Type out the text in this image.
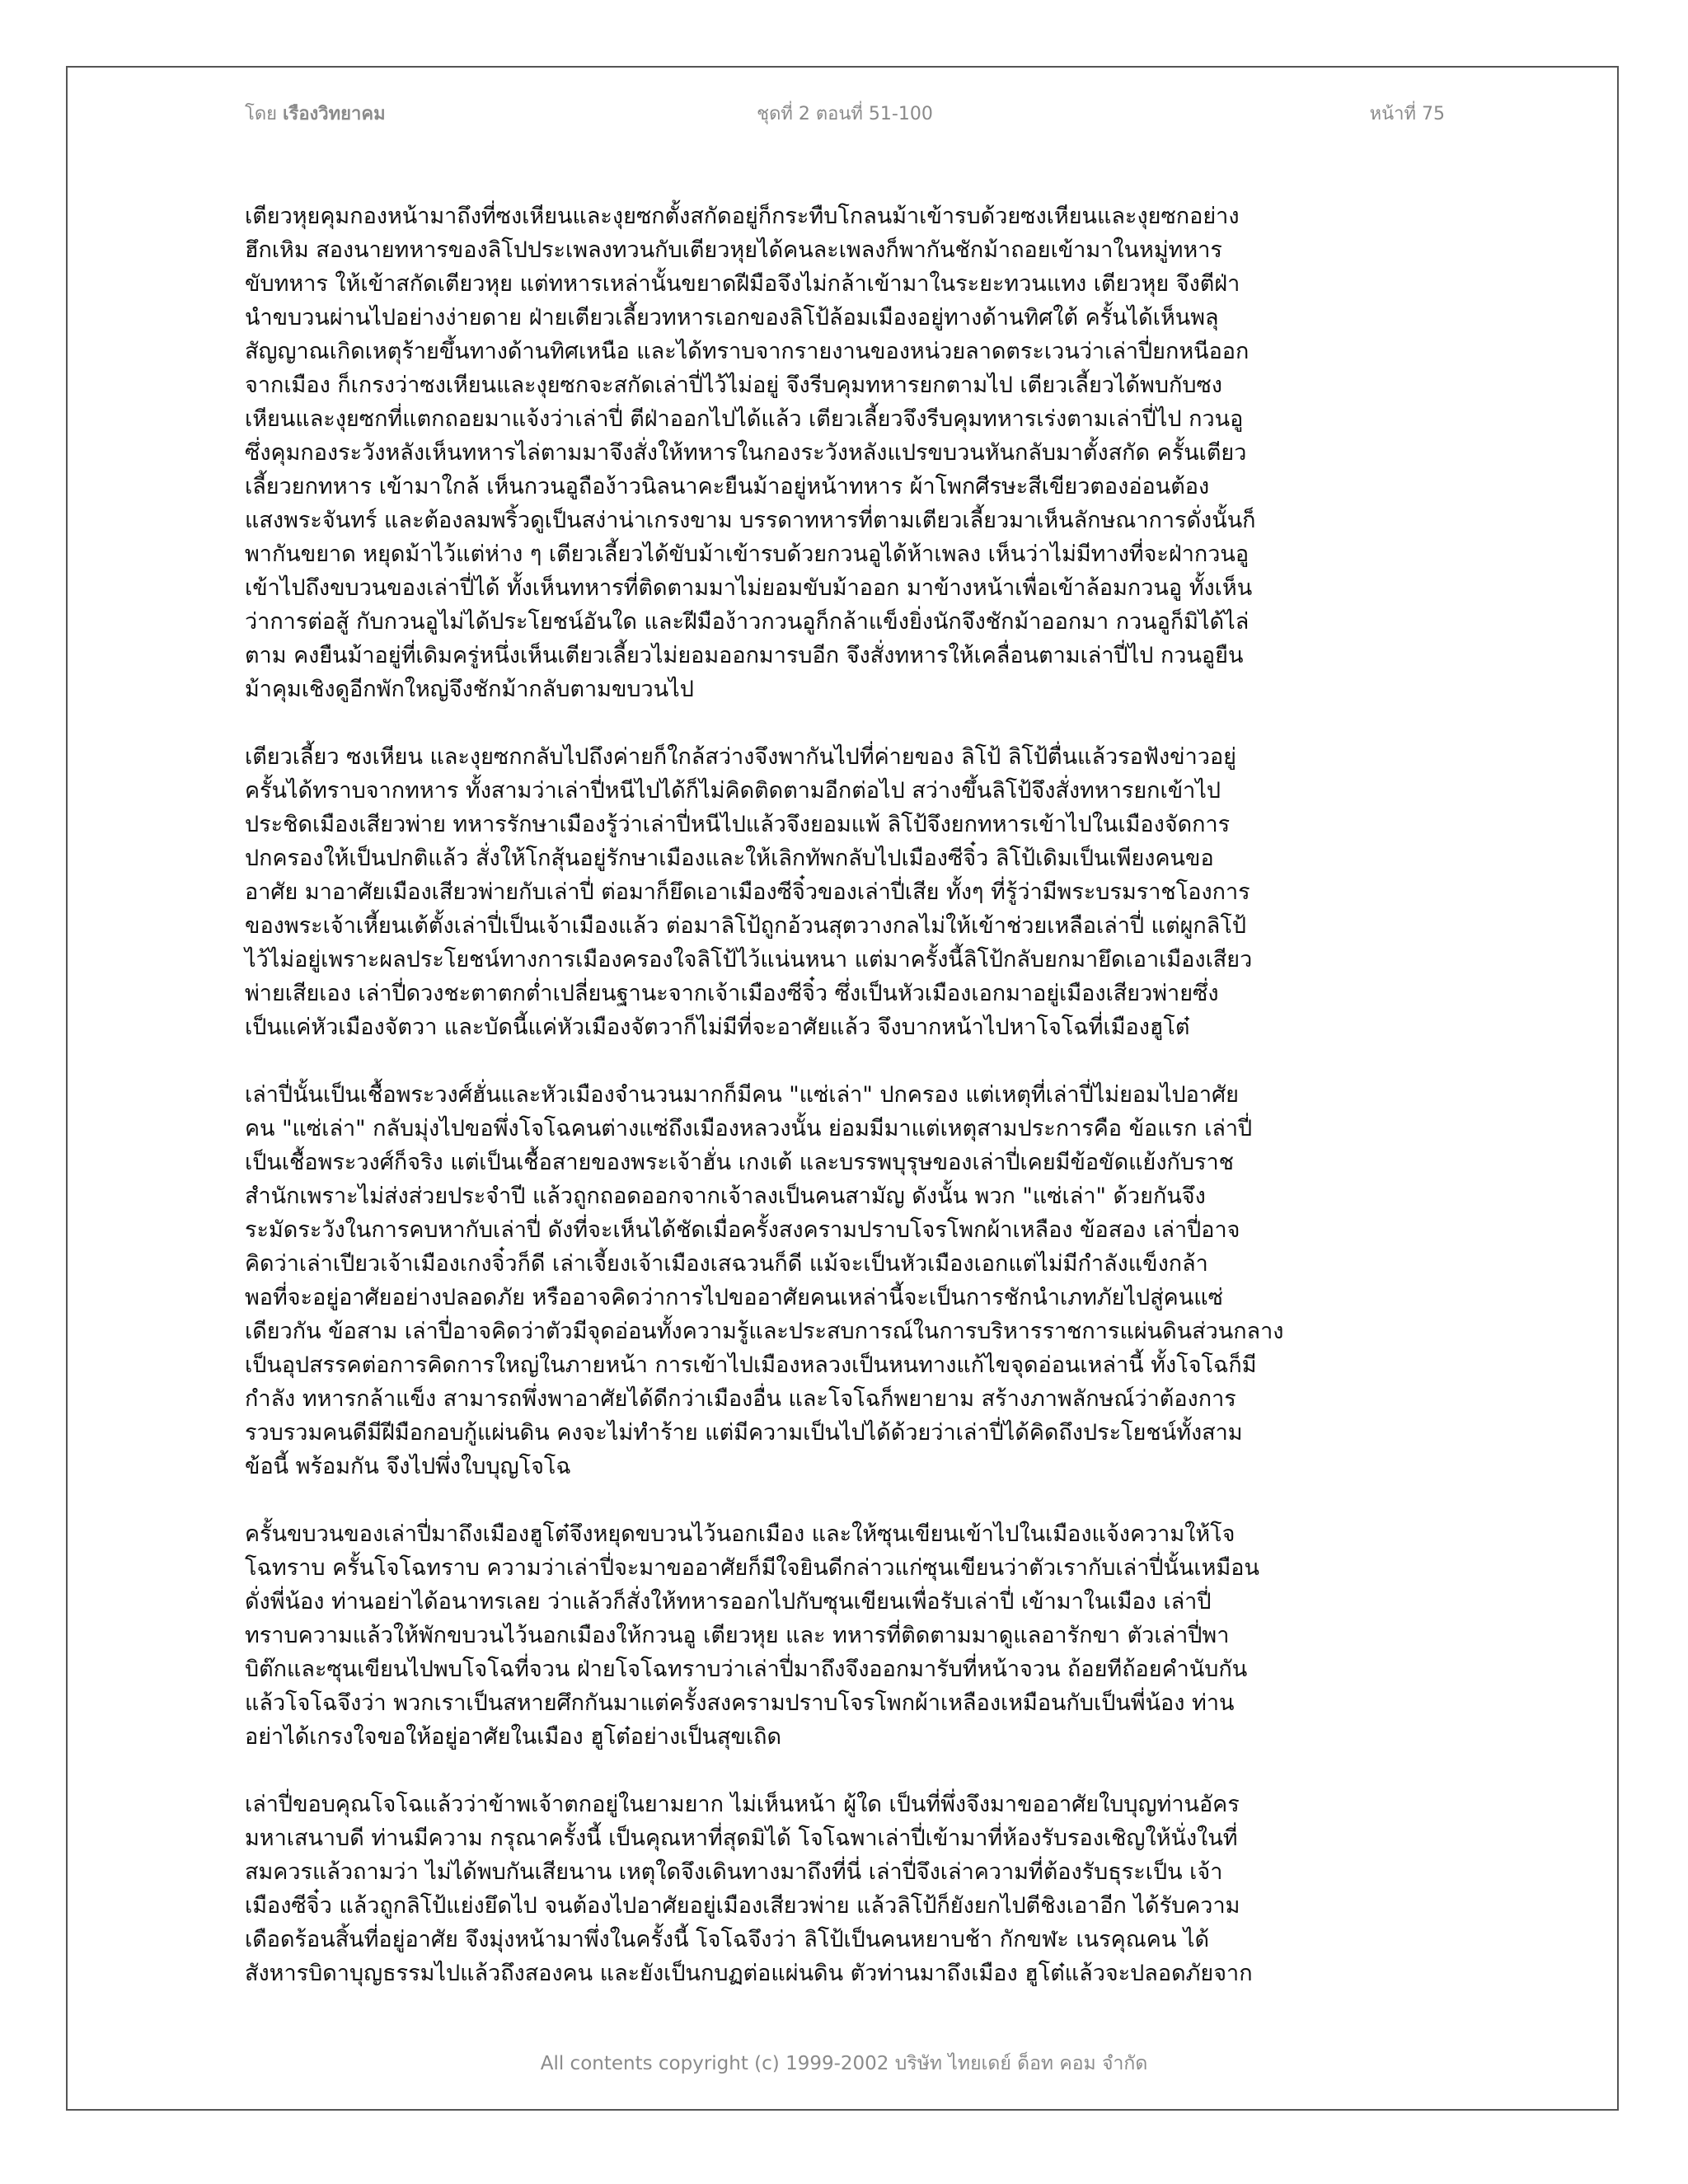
โดย เรืองวิทยาคม	ชุดที่ 2 ตอนที่ 51-100	หน้าที่ 75

เตียวหุยคุมกองหน้ามาถึงที่ซงเหียนและงุยซกตั้งสกัดอยู่ก็กระทืบโกลนม้าเข้ารบด้วยซงเหียนและงุยซกอย่าง
ฮึกเหิม สองนายทหารของลิโปประเพลงทวนกับเตียวหุยได้คนละเพลงก็พากันชักม้าถอยเข้ามาในหมู่ทหาร
ขับทหาร ให้เข้าสกัดเตียวหุย แต่ทหารเหล่านั้นขยาดฝีมือจึงไม่กล้าเข้ามาในระยะทวนแทง เตียวหุย จึงตีฝ่า
นำขบวนผ่านไปอย่างง่ายดาย ฝ่ายเตียวเลี้ยวทหารเอกของลิโป้ล้อมเมืองอยู่ทางด้านทิศใต้ ครั้นได้เห็นพลุ
สัญญาณเกิดเหตุร้ายขึ้นทางด้านทิศเหนือ และได้ทราบจากรายงานของหน่วยลาดตระเวนว่าเล่าปี่ยกหนีออก
จากเมือง ก็เกรงว่าซงเหียนและงุยซกจะสกัดเล่าปี่ไว้ไม่อยู่ จึงรีบคุมทหารยกตามไป เตียวเลี้ยวได้พบกับซง
เหียนและงุยซกที่แตกถอยมาแจ้งว่าเล่าปี่ ตีฝ่าออกไปได้แล้ว เตียวเลี้ยวจึงรีบคุมทหารเร่งตามเล่าปี่ไป กวนอู
ซึ่งคุมกองระวังหลังเห็นทหารไล่ตามมาจึงสั่งให้ทหารในกองระวังหลังแปรขบวนหันกลับมาตั้งสกัด ครั้นเตียว
เลี้ยวยกทหาร เข้ามาใกล้ เห็นกวนอูถือง้าวนิลนาคะยืนม้าอยู่หน้าทหาร ผ้าโพกศีรษะสีเขียวตองอ่อนต้อง
แสงพระจันทร์ และต้องลมพริ้วดูเป็นสง่าน่าเกรงขาม บรรดาทหารที่ตามเตียวเลี้ยวมาเห็นลักษณาการดั่งนั้นก็
พากันขยาด หยุดม้าไว้แต่ห่าง ๆ เตียวเลี้ยวได้ขับม้าเข้ารบด้วยกวนอูได้ห้าเพลง เห็นว่าไม่มีทางที่จะฝ่ากวนอู
เข้าไปถึงขบวนของเล่าปี่ได้ ทั้งเห็นทหารที่ติดตามมาไม่ยอมขับม้าออก มาข้างหน้าเพื่อเข้าล้อมกวนอู ทั้งเห็น
ว่าการต่อสู้ กับกวนอูไม่ได้ประโยชน์อันใด และฝีมือง้าวกวนอูก็กล้าแข็งยิ่งนักจึงชักม้าออกมา กวนอูก็มิได้ไล่
ตาม คงยืนม้าอยู่ที่เดิมครู่หนึ่งเห็นเตียวเลี้ยวไม่ยอมออกมารบอีก จึงสั่งทหารให้เคลื่อนตามเล่าปี่ไป กวนอูยืน
ม้าคุมเชิงดูอีกพักใหญ่จึงชักม้ากลับตามขบวนไป

เตียวเลี้ยว ซงเหียน และงุยซกกลับไปถึงค่ายก็ใกล้สว่างจึงพากันไปที่ค่ายของ ลิโป้ ลิโป้ตื่นแล้วรอฟังข่าวอยู่
ครั้นได้ทราบจากทหาร ทั้งสามว่าเล่าปี่หนีไปได้ก็ไม่คิดติดตามอีกต่อไป สว่างขึ้นลิโป้จึงสั่งทหารยกเข้าไป
ประชิดเมืองเสียวพ่าย ทหารรักษาเมืองรู้ว่าเล่าปี่หนีไปแล้วจึงยอมแพ้ ลิโป้จึงยกทหารเข้าไปในเมืองจัดการ
ปกครองให้เป็นปกติแล้ว สั่งให้โกสุ้นอยู่รักษาเมืองและให้เลิกทัพกลับไปเมืองซีจิ๋ว ลิโป้เดิมเป็นเพียงคนขอ
อาศัย มาอาศัยเมืองเสียวพ่ายกับเล่าปี่ ต่อมาก็ยึดเอาเมืองซีจิ๋วของเล่าปี่เสีย ทั้งๆ ที่รู้ว่ามีพระบรมราชโองการ
ของพระเจ้าเหี้ยนเต้ตั้งเล่าปี่เป็นเจ้าเมืองแล้ว ต่อมาลิโป้ถูกอ้วนสุตวางกลไม่ให้เข้าช่วยเหลือเล่าปี่ แต่ผูกลิโป้
ไว้ไม่อยู่เพราะผลประโยชน์ทางการเมืองครองใจลิโป้ไว้แน่นหนา แต่มาครั้งนี้ลิโป้กลับยกมายึดเอาเมืองเสียว
พ่ายเสียเอง เล่าปี่ดวงชะตาตกต่ำเปลี่ยนฐานะจากเจ้าเมืองซีจิ๋ว ซึ่งเป็นหัวเมืองเอกมาอยู่เมืองเสียวพ่ายซึ่ง
เป็นแค่หัวเมืองจัตวา และบัดนี้แค่หัวเมืองจัตวาก็ไม่มีที่จะอาศัยแล้ว จึงบากหน้าไปหาโจโฉที่เมืองฮูโต๋

เล่าปี่นั้นเป็นเชื้อพระวงศ์ฮั่นและหัวเมืองจำนวนมากก็มีคน "แซ่เล่า" ปกครอง แต่เหตุที่เล่าปี่ไม่ยอมไปอาศัย
คน "แซ่เล่า" กลับมุ่งไปขอพึ่งโจโฉคนต่างแซ่ถึงเมืองหลวงนั้น ย่อมมีมาแต่เหตุสามประการคือ ข้อแรก เล่าปี่
เป็นเชื้อพระวงศ์ก็จริง แต่เป็นเชื้อสายของพระเจ้าฮั่น เกงเต้ และบรรพบุรุษของเล่าปี่เคยมีข้อขัดแย้งกับราช
สำนักเพราะไม่ส่งส่วยประจำปี แล้วถูกถอดออกจากเจ้าลงเป็นคนสามัญ ดังนั้น พวก "แซ่เล่า" ด้วยกันจึง
ระมัดระวังในการคบหากับเล่าปี่ ดังที่จะเห็นได้ชัดเมื่อครั้งสงครามปราบโจรโพกผ้าเหลือง ข้อสอง เล่าปี่อาจ
คิดว่าเล่าเปียวเจ้าเมืองเกงจิ๋วก็ดี เล่าเจี้ยงเจ้าเมืองเสฉวนก็ดี แม้จะเป็นหัวเมืองเอกแต่ไม่มีกำลังแข็งกล้า
พอที่จะอยู่อาศัยอย่างปลอดภัย หรืออาจคิดว่าการไปขออาศัยคนเหล่านี้จะเป็นการชักนำเภทภัยไปสู่คนแซ่
เดียวกัน ข้อสาม เล่าปี่อาจคิดว่าตัวมีจุดอ่อนทั้งความรู้และประสบการณ์ในการบริหารราชการแผ่นดินส่วนกลาง
เป็นอุปสรรคต่อการคิดการใหญ่ในภายหน้า การเข้าไปเมืองหลวงเป็นหนทางแก้ไขจุดอ่อนเหล่านี้ ทั้งโจโฉก็มี
กำลัง ทหารกล้าแข็ง สามารถพึ่งพาอาศัยได้ดีกว่าเมืองอื่น และโจโฉก็พยายาม สร้างภาพลักษณ์ว่าต้องการ
รวบรวมคนดีมีฝีมือกอบกู้แผ่นดิน คงจะไม่ทำร้าย แต่มีความเป็นไปได้ด้วยว่าเล่าปี่ได้คิดถึงประโยชน์ทั้งสาม
ข้อนี้ พร้อมกัน จึงไปพึ่งใบบุญโจโฉ

ครั้นขบวนของเล่าปี่มาถึงเมืองฮูโต๋จึงหยุดขบวนไว้นอกเมือง และให้ซุนเขียนเข้าไปในเมืองแจ้งความให้โจ
โฉทราบ ครั้นโจโฉทราบ ความว่าเล่าปี่จะมาขออาศัยก็มีใจยินดีกล่าวแก่ซุนเขียนว่าตัวเรากับเล่าปี่นั้นเหมือน
ดั่งพี่น้อง ท่านอย่าได้อนาทรเลย ว่าแล้วก็สั่งให้ทหารออกไปกับซุนเขียนเพื่อรับเล่าปี่ เข้ามาในเมือง เล่าปี่
ทราบความแล้วให้พักขบวนไว้นอกเมืองให้กวนอู เตียวหุย และ ทหารที่ติดตามมาดูแลอารักขา ตัวเล่าปี่พา
บิต๊กและซุนเขียนไปพบโจโฉที่จวน ฝ่ายโจโฉทราบว่าเล่าปี่มาถึงจึงออกมารับที่หน้าจวน ถ้อยทีถ้อยคำนับกัน
แล้วโจโฉจึงว่า พวกเราเป็นสหายศึกกันมาแต่ครั้งสงครามปราบโจรโพกผ้าเหลืองเหมือนกับเป็นพี่น้อง ท่าน
อย่าได้เกรงใจขอให้อยู่อาศัยในเมือง ฮูโต๋อย่างเป็นสุขเถิด

เล่าปี่ขอบคุณโจโฉแล้วว่าข้าพเจ้าตกอยู่ในยามยาก ไม่เห็นหน้า ผู้ใด เป็นที่พึ่งจึงมาขออาศัยใบบุญท่านอัคร
มหาเสนาบดี ท่านมีความ กรุณาครั้งนี้ เป็นคุณหาที่สุดมิได้ โจโฉพาเล่าปี่เข้ามาที่ห้องรับรองเชิญให้นั่งในที่
สมควรแล้วถามว่า ไม่ได้พบกันเสียนาน เหตุใดจึงเดินทางมาถึงที่นี่ เล่าปี่จึงเล่าความที่ต้องรับธุระเป็น เจ้า
เมืองซีจิ๋ว แล้วถูกลิโป้แย่งยึดไป จนต้องไปอาศัยอยู่เมืองเสียวพ่าย แล้วลิโป้ก็ยังยกไปตีชิงเอาอีก ได้รับความ
เดือดร้อนสิ้นที่อยู่อาศัย จึงมุ่งหน้ามาพึ่งในครั้งนี้ โจโฉจึงว่า ลิโป้เป็นคนหยาบช้า กักขฬะ เนรคุณคน ได้
สังหารบิดาบุญธรรมไปแล้วถึงสองคน และยังเป็นกบฏต่อแผ่นดิน ตัวท่านมาถึงเมือง ฮูโต๋แล้วจะปลอดภัยจาก

All contents copyright (c) 1999-2002 บริษัท ไทยเดย์ ด็อท คอม จำกัด
